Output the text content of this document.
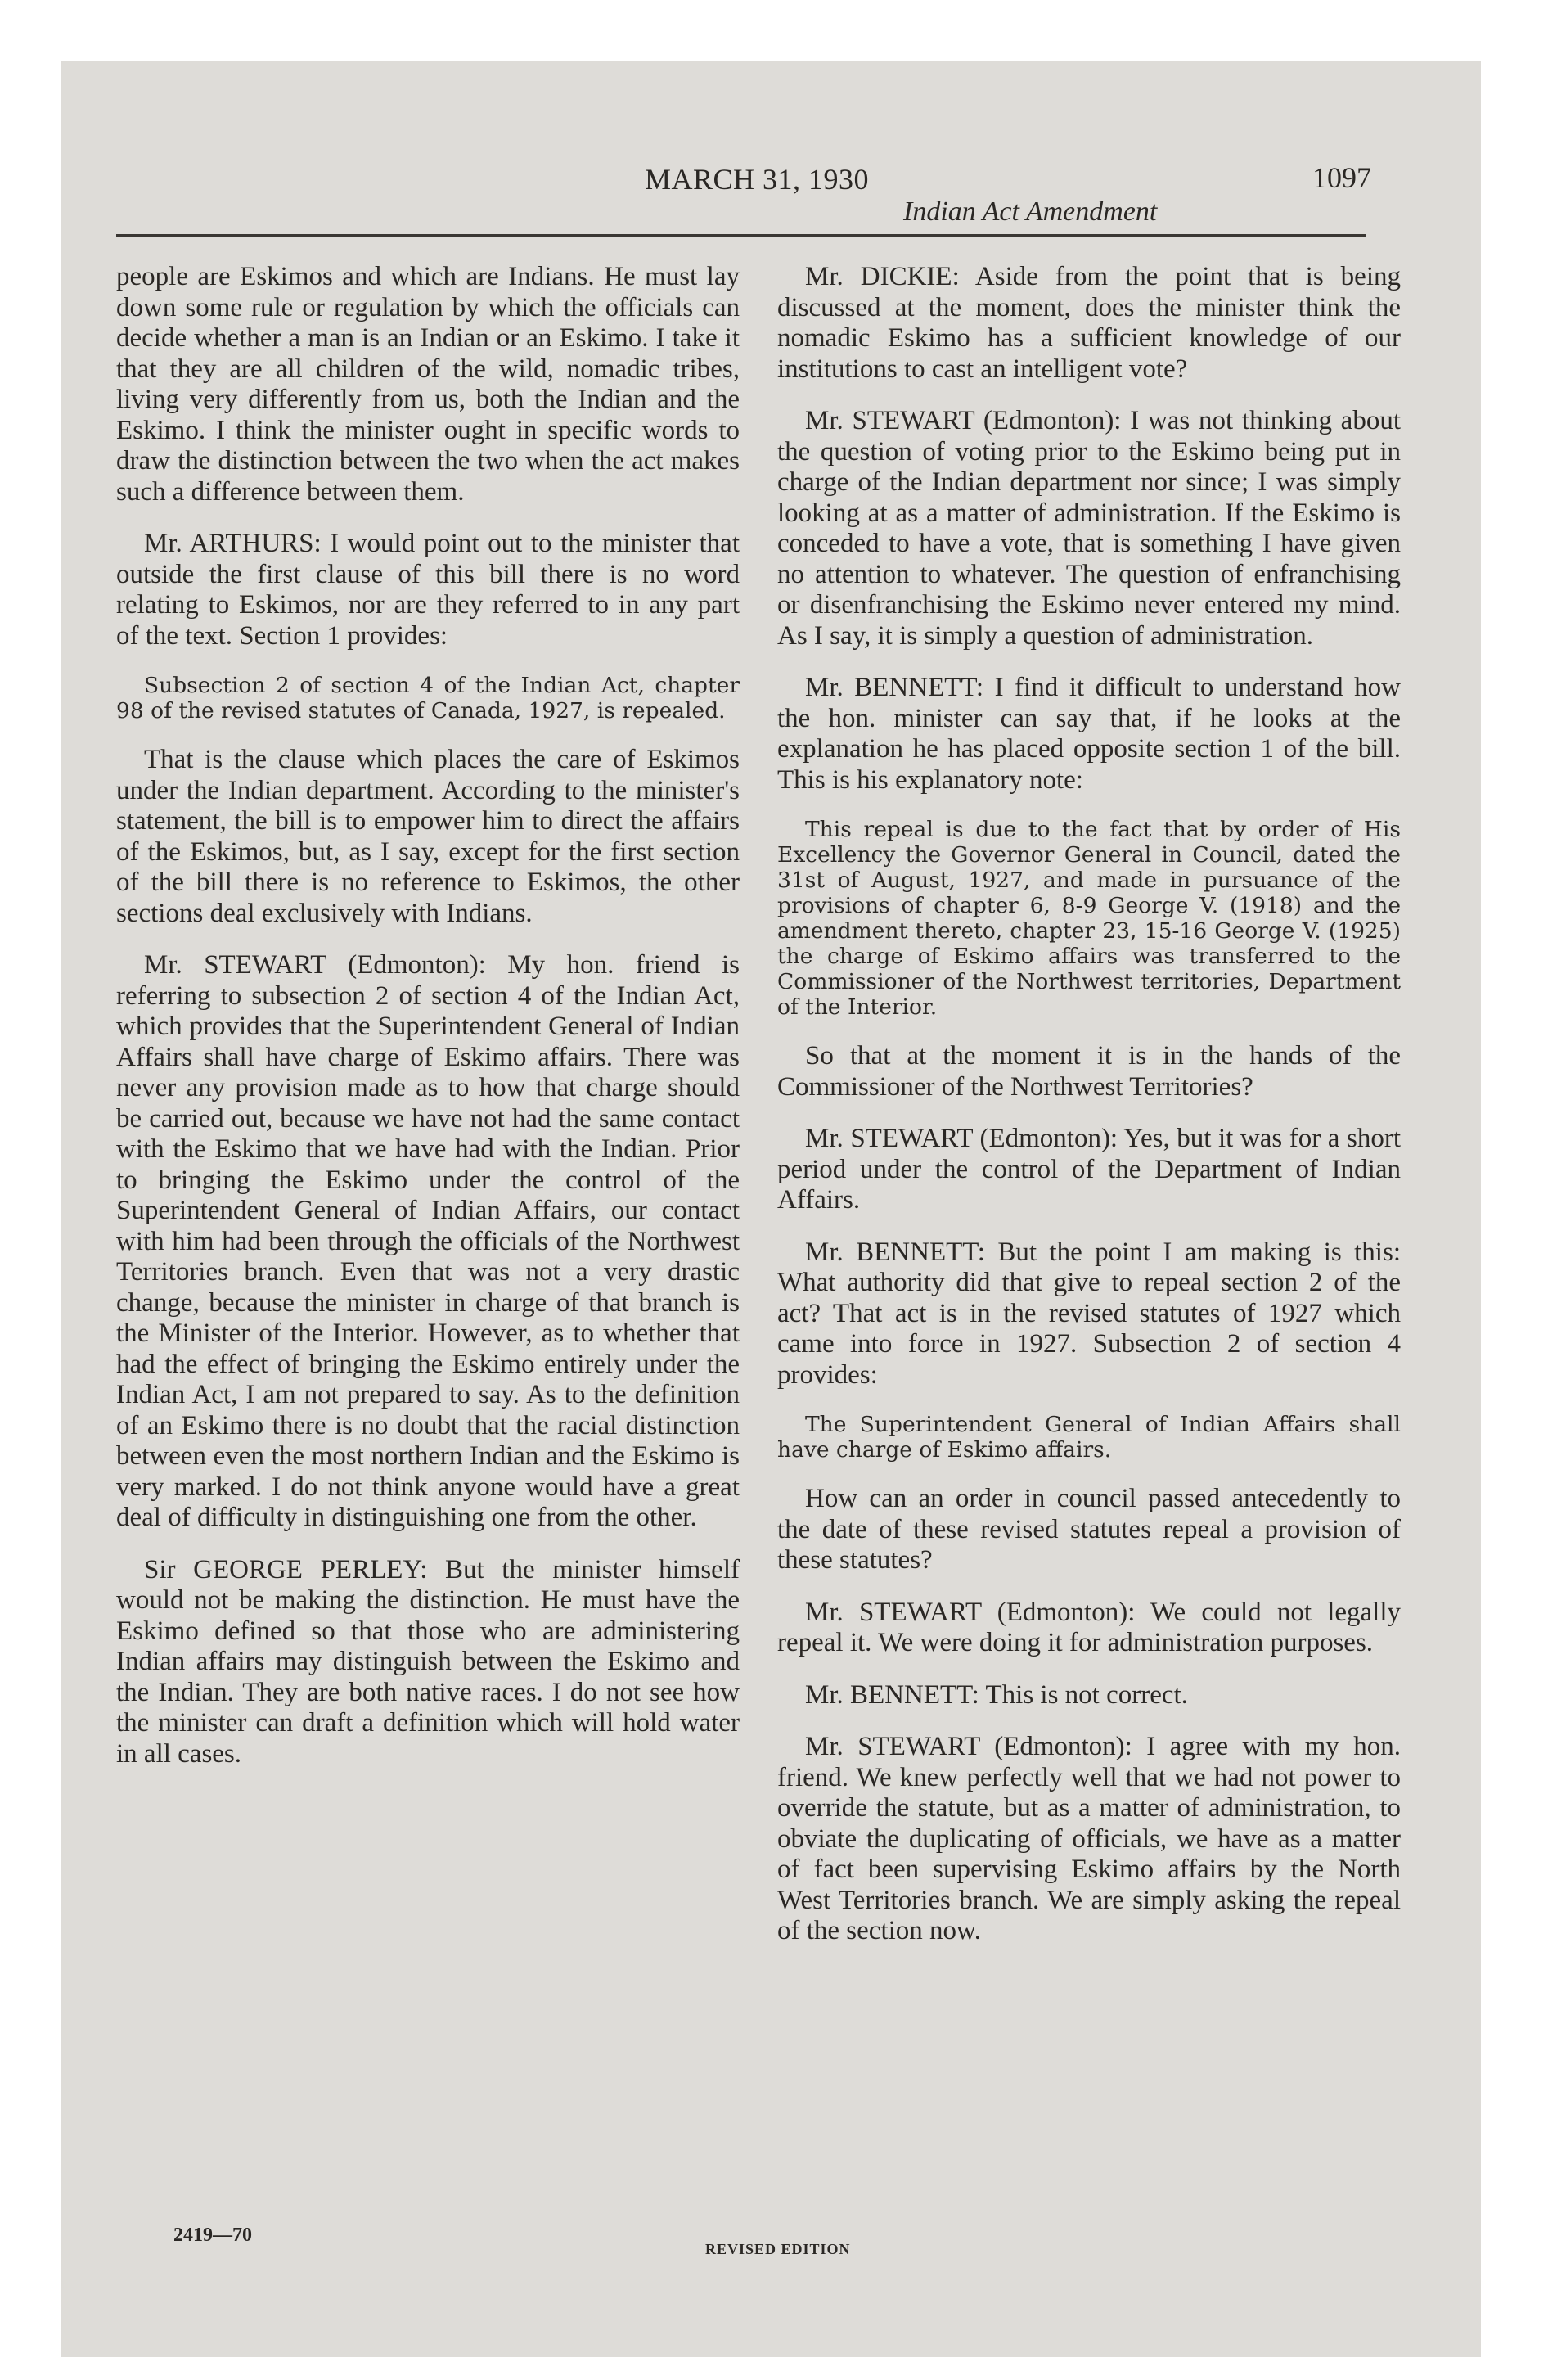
MARCH 31, 1930
Indian Act Amendment
1097

people are Eskimos and which are Indians. He must lay down some rule or regulation by which the officials can decide whether a man is an Indian or an Eskimo. I take it that they are all children of the wild, nomadic tribes, living very differently from us, both the Indian and the Eskimo. I think the minister ought in specific words to draw the distinction between the two when the act makes such a difference between them.

Mr. ARTHURS: I would point out to the minister that outside the first clause of this bill there is no word relating to Eskimos, nor are they referred to in any part of the text. Section 1 provides:

Subsection 2 of section 4 of the Indian Act, chapter 98 of the revised statutes of Canada, 1927, is repealed.

That is the clause which places the care of Eskimos under the Indian department. According to the minister's statement, the bill is to empower him to direct the affairs of the Eskimos, but, as I say, except for the first section of the bill there is no reference to Eskimos, the other sections deal exclusively with Indians.

Mr. STEWART (Edmonton): My hon. friend is referring to subsection 2 of section 4 of the Indian Act, which provides that the Superintendent General of Indian Affairs shall have charge of Eskimo affairs. There was never any provision made as to how that charge should be carried out, because we have not had the same contact with the Eskimo that we have had with the Indian. Prior to bringing the Eskimo under the control of the Superintendent General of Indian Affairs, our contact with him had been through the officials of the Northwest Territories branch. Even that was not a very drastic change, because the minister in charge of that branch is the Minister of the Interior. However, as to whether that had the effect of bringing the Eskimo entirely under the Indian Act, I am not prepared to say. As to the definition of an Eskimo there is no doubt that the racial distinction between even the most northern Indian and the Eskimo is very marked. I do not think anyone would have a great deal of difficulty in distinguishing one from the other.

Sir GEORGE PERLEY: But the minister himself would not be making the distinction. He must have the Eskimo defined so that those who are administering Indian affairs may distinguish between the Eskimo and the Indian. They are both native races. I do not see how the minister can draft a definition which will hold water in all cases.

Mr. DICKIE: Aside from the point that is being discussed at the moment, does the minister think the nomadic Eskimo has a sufficient knowledge of our institutions to cast an intelligent vote?

Mr. STEWART (Edmonton): I was not thinking about the question of voting prior to the Eskimo being put in charge of the Indian department nor since; I was simply looking at as a matter of administration. If the Eskimo is conceded to have a vote, that is something I have given no attention to whatever. The question of enfranchising or disenfranchising the Eskimo never entered my mind. As I say, it is simply a question of administration.

Mr. BENNETT: I find it difficult to understand how the hon. minister can say that, if he looks at the explanation he has placed opposite section 1 of the bill. This is his explanatory note:

This repeal is due to the fact that by order of His Excellency the Governor General in Council, dated the 31st of August, 1927, and made in pursuance of the provisions of chapter 6, 8-9 George V. (1918) and the amendment thereto, chapter 23, 15-16 George V. (1925) the charge of Eskimo affairs was transferred to the Commissioner of the Northwest territories, Department of the Interior.

So that at the moment it is in the hands of the Commissioner of the Northwest Territories?

Mr. STEWART (Edmonton): Yes, but it was for a short period under the control of the Department of Indian Affairs.

Mr. BENNETT: But the point I am making is this: What authority did that give to repeal section 2 of the act? That act is in the revised statutes of 1927 which came into force in 1927. Subsection 2 of section 4 provides:

The Superintendent General of Indian Affairs shall have charge of Eskimo affairs.

How can an order in council passed antecedently to the date of these revised statutes repeal a provision of these statutes?

Mr. STEWART (Edmonton): We could not legally repeal it. We were doing it for administration purposes.

Mr. BENNETT: This is not correct.

Mr. STEWART (Edmonton): I agree with my hon. friend. We knew perfectly well that we had not power to override the statute, but as a matter of administration, to obviate the duplicating of officials, we have as a matter of fact been supervising Eskimo affairs by the North West Territories branch. We are simply asking the repeal of the section now.

2419—70
REVISED EDITION
